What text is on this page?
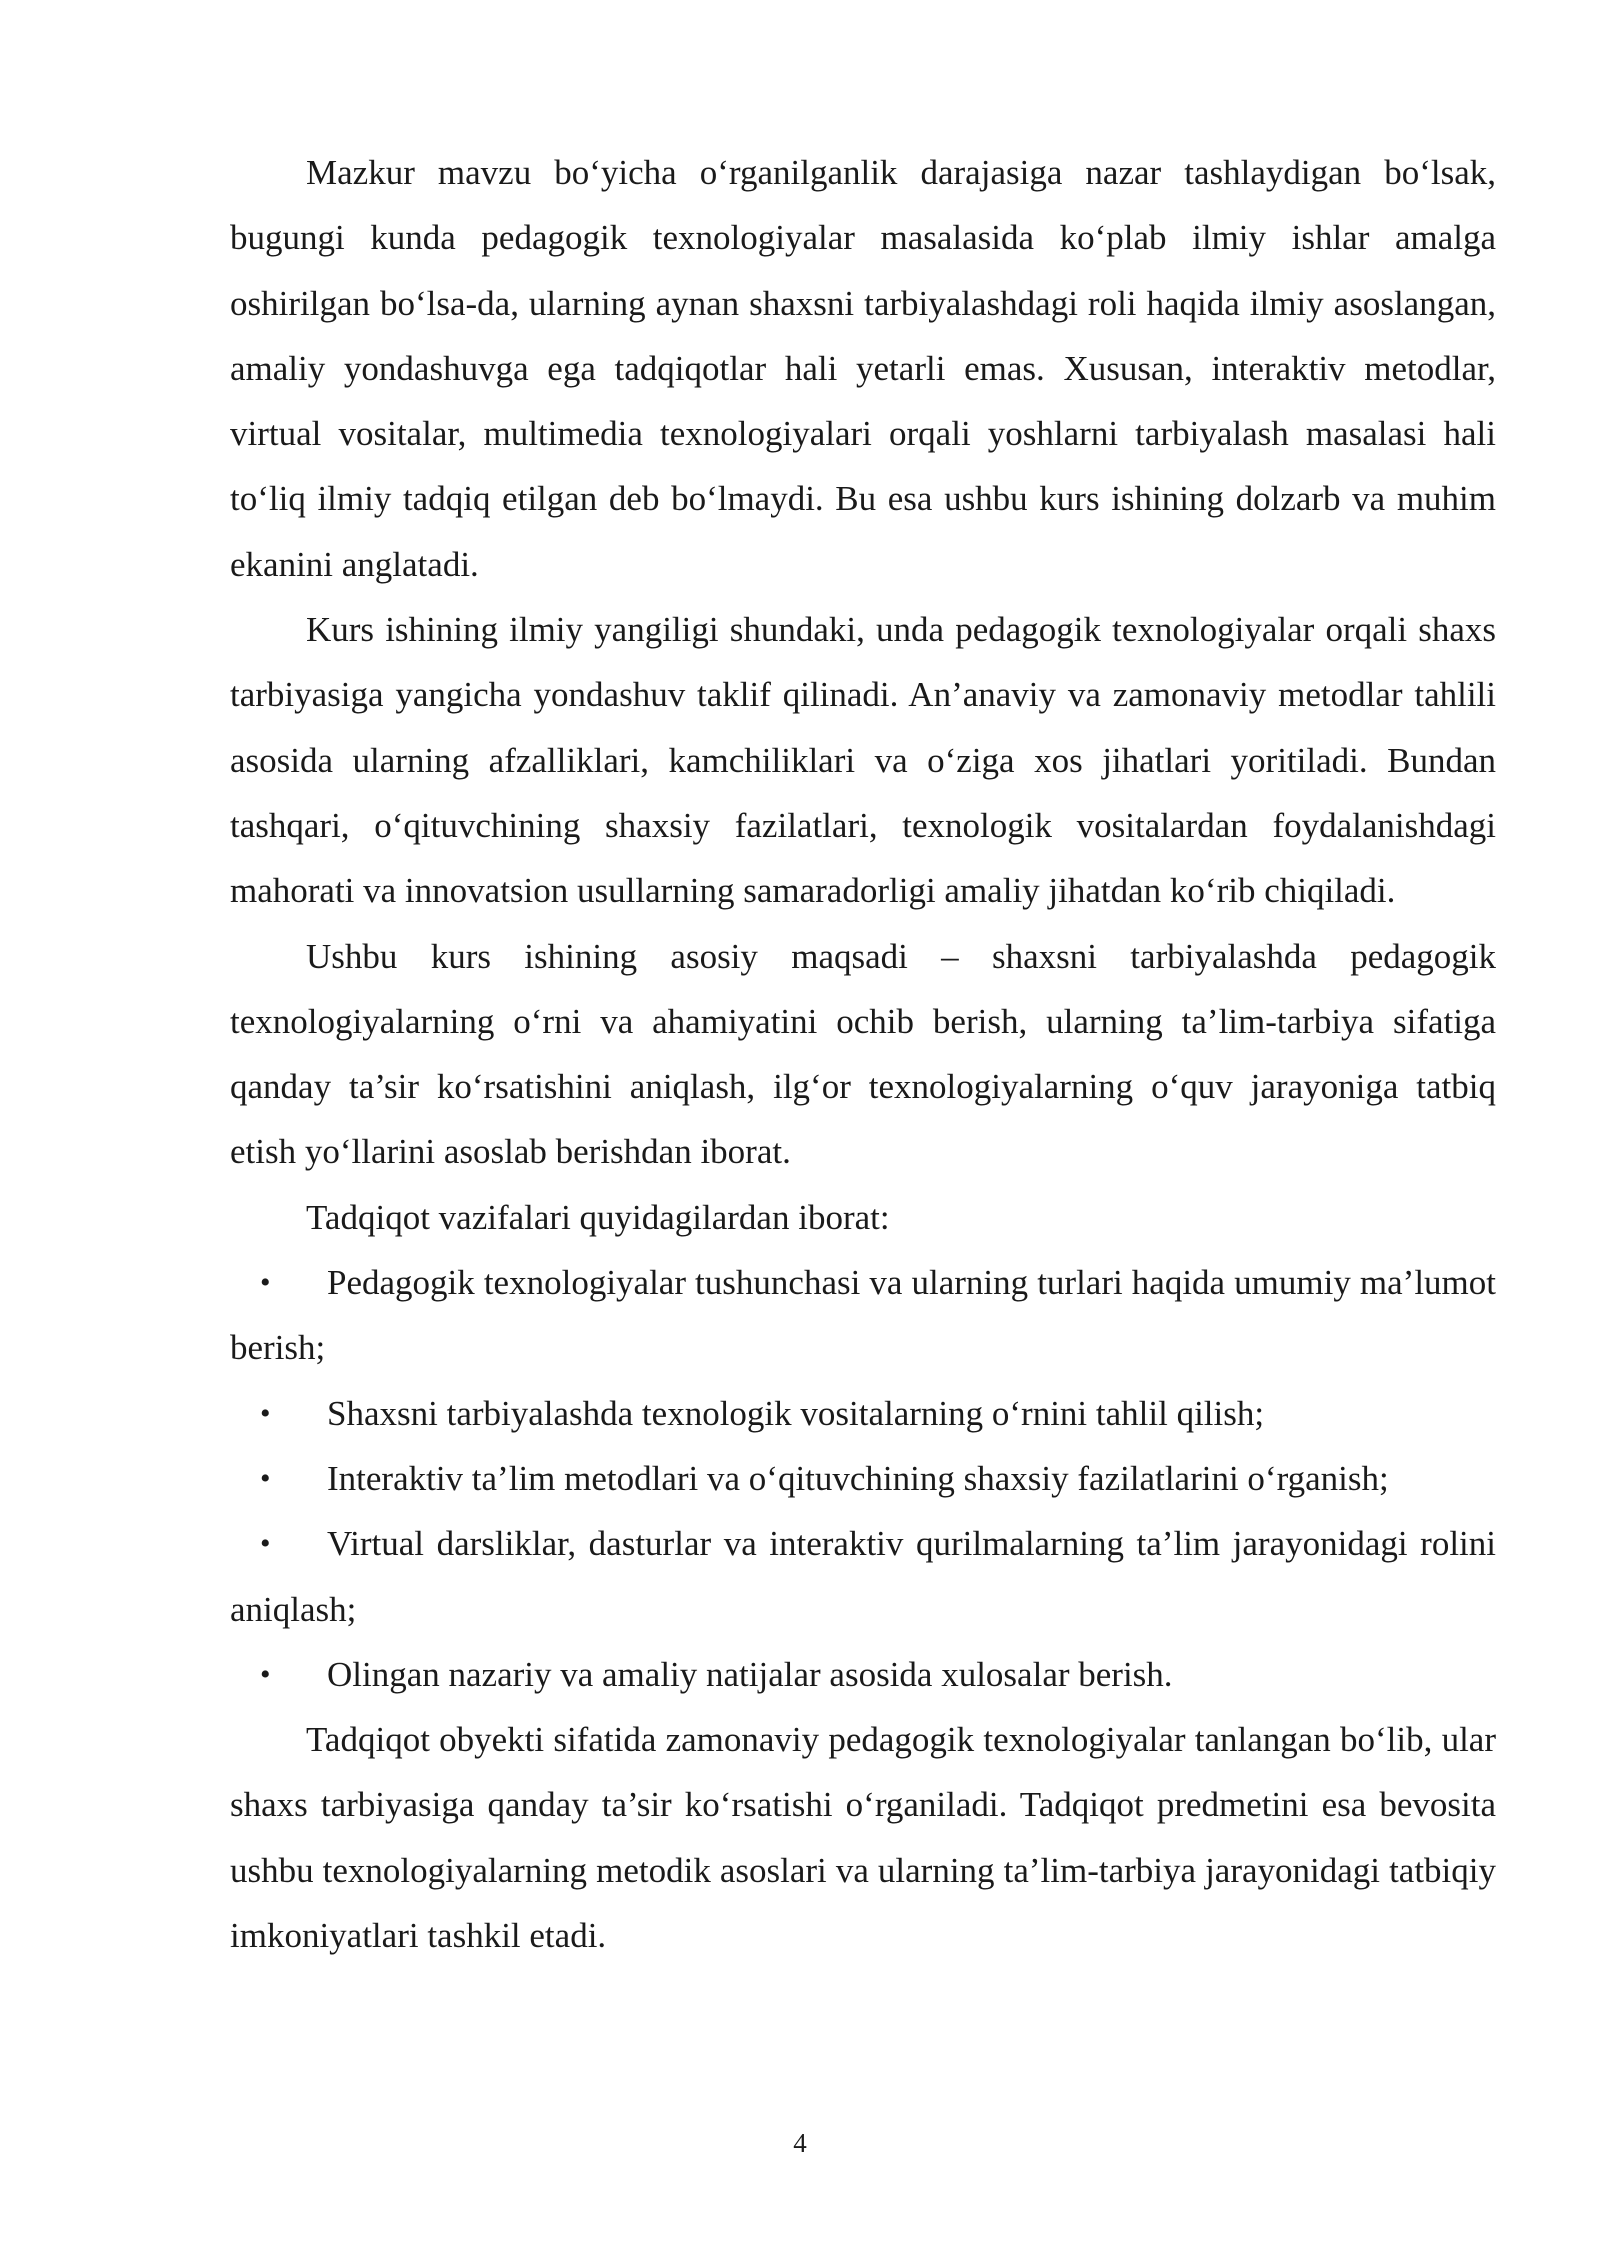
Mazkur mavzu bo‘yicha o‘rganilganlik darajasiga nazar tashlaydigan bo‘lsak, bugungi kunda pedagogik texnologiyalar masalasida ko‘plab ilmiy ishlar amalga oshirilgan bo‘lsa-da, ularning aynan shaxsni tarbiyalashdagi roli haqida ilmiy asoslangan, amaliy yondashuvga ega tadqiqotlar hali yetarli emas. Xususan, interaktiv metodlar, virtual vositalar, multimedia texnologiyalari orqali yoshlarni tarbiyalash masalasi hali to‘liq ilmiy tadqiq etilgan deb bo‘lmaydi. Bu esa ushbu kurs ishining dolzarb va muhim ekanini anglatadi.

Kurs ishining ilmiy yangiligi shundaki, unda pedagogik texnologiyalar orqali shaxs tarbiyasiga yangicha yondashuv taklif qilinadi. An’anaviy va zamonaviy metodlar tahlili asosida ularning afzalliklari, kamchiliklari va o‘ziga xos jihatlari yoritiladi. Bundan tashqari, o‘qituvchining shaxsiy fazilatlari, texnologik vositalardan foydalanishdagi mahorati va innovatsion usullarning samaradorligi amaliy jihatdan ko‘rib chiqiladi.

Ushbu kurs ishining asosiy maqsadi – shaxsni tarbiyalashda pedagogik texnologiyalarning o‘rni va ahamiyatini ochib berish, ularning ta’lim-tarbiya sifatiga qanday ta’sir ko‘rsatishini aniqlash, ilg‘or texnologiyalarning o‘quv jarayoniga tatbiq etish yo‘llarini asoslab berishdan iborat.

Tadqiqot vazifalari quyidagilardan iborat:

• Pedagogik texnologiyalar tushunchasi va ularning turlari haqida umumiy ma’lumot berish;

• Shaxsni tarbiyalashda texnologik vositalarning o‘rnini tahlil qilish;

• Interaktiv ta’lim metodlari va o‘qituvchining shaxsiy fazilatlarini o‘rganish;

• Virtual darsliklar, dasturlar va interaktiv qurilmalarning ta’lim jarayonidagi rolini aniqlash;

• Olingan nazariy va amaliy natijalar asosida xulosalar berish.

Tadqiqot obyekti sifatida zamonaviy pedagogik texnologiyalar tanlangan bo‘lib, ular shaxs tarbiyasiga qanday ta’sir ko‘rsatishi o‘rganiladi. Tadqiqot predmetini esa bevosita ushbu texnologiyalarning metodik asoslari va ularning ta’lim-tarbiya jarayonidagi tatbiqiy imkoniyatlari tashkil etadi.

4
